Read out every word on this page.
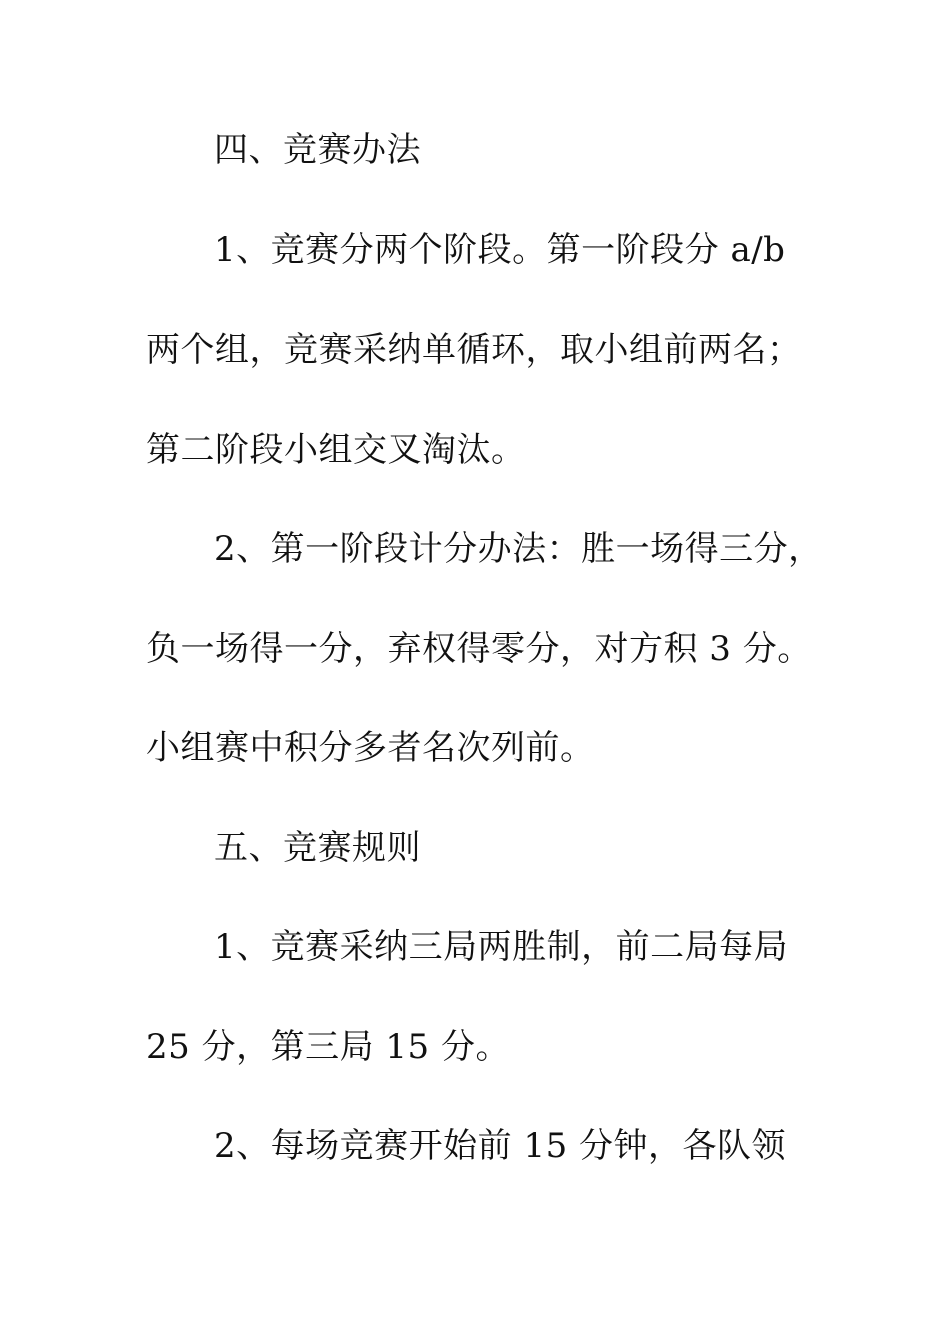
四、竞赛办法

1、竞赛分两个阶段。第一阶段分 a/b

两个组，竞赛采纳单循环，取小组前两名；

第二阶段小组交叉淘汰。

2、第一阶段计分办法：胜一场得三分，

负一场得一分，弃权得零分，对方积 3 分。

小组赛中积分多者名次列前。

五、竞赛规则

1、竞赛采纳三局两胜制，前二局每局

25 分，第三局 15 分。

2、每场竞赛开始前 15 分钟，各队领
